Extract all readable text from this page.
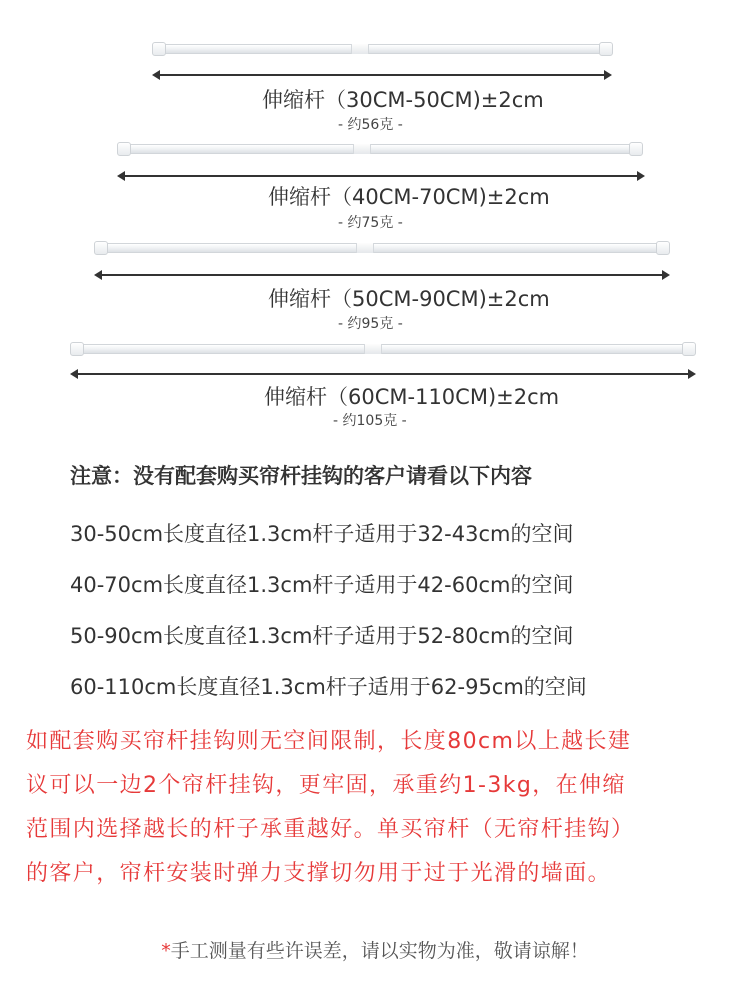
伸缩杆（30CM-50CM)±2cm
- 约56克 -
伸缩杆（40CM-70CM)±2cm
- 约75克 -
伸缩杆（50CM-90CM)±2cm
- 约95克 -
伸缩杆（60CM-110CM)±2cm
- 约105克 -
注意：没有配套购买帘杆挂钩的客户请看以下内容
30-50cm长度直径1.3cm杆子适用于32-43cm的空间
40-70cm长度直径1.3cm杆子适用于42-60cm的空间
50-90cm长度直径1.3cm杆子适用于52-80cm的空间
60-110cm长度直径1.3cm杆子适用于62-95cm的空间
如配套购买帘杆挂钩则无空间限制，长度80cm以上越长建
议可以一边2个帘杆挂钩，更牢固，承重约1-3kg，在伸缩
范围内选择越长的杆子承重越好。单买帘杆（无帘杆挂钩）
的客户，帘杆安装时弹力支撑切勿用于过于光滑的墙面。
*手工测量有些许误差，请以实物为准，敬请谅解！
